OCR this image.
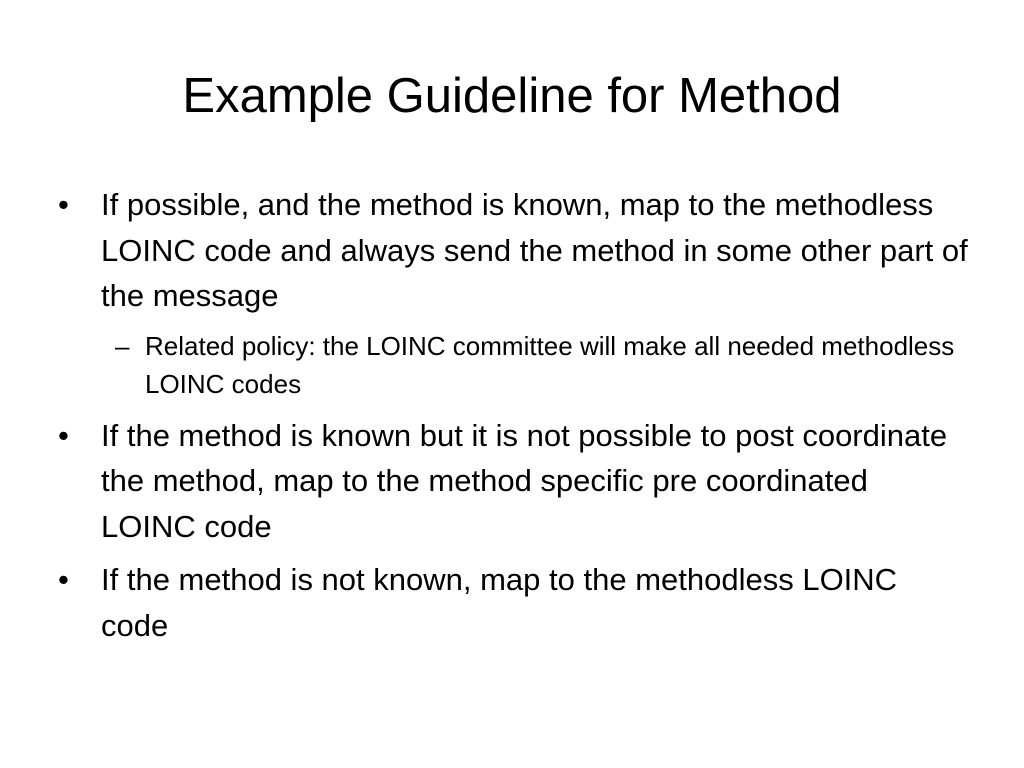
Example Guideline for Method
•	If possible, and the method is known, map to the methodless LOINC code and always send the method in some other part of the message
– Related policy: the LOINC committee will make all needed methodless LOINC codes
•	If the method is known but it is not possible to post coordinate the method, map to the method specific pre coordinated LOINC code
•	If the method is not known, map to the methodless LOINC code
